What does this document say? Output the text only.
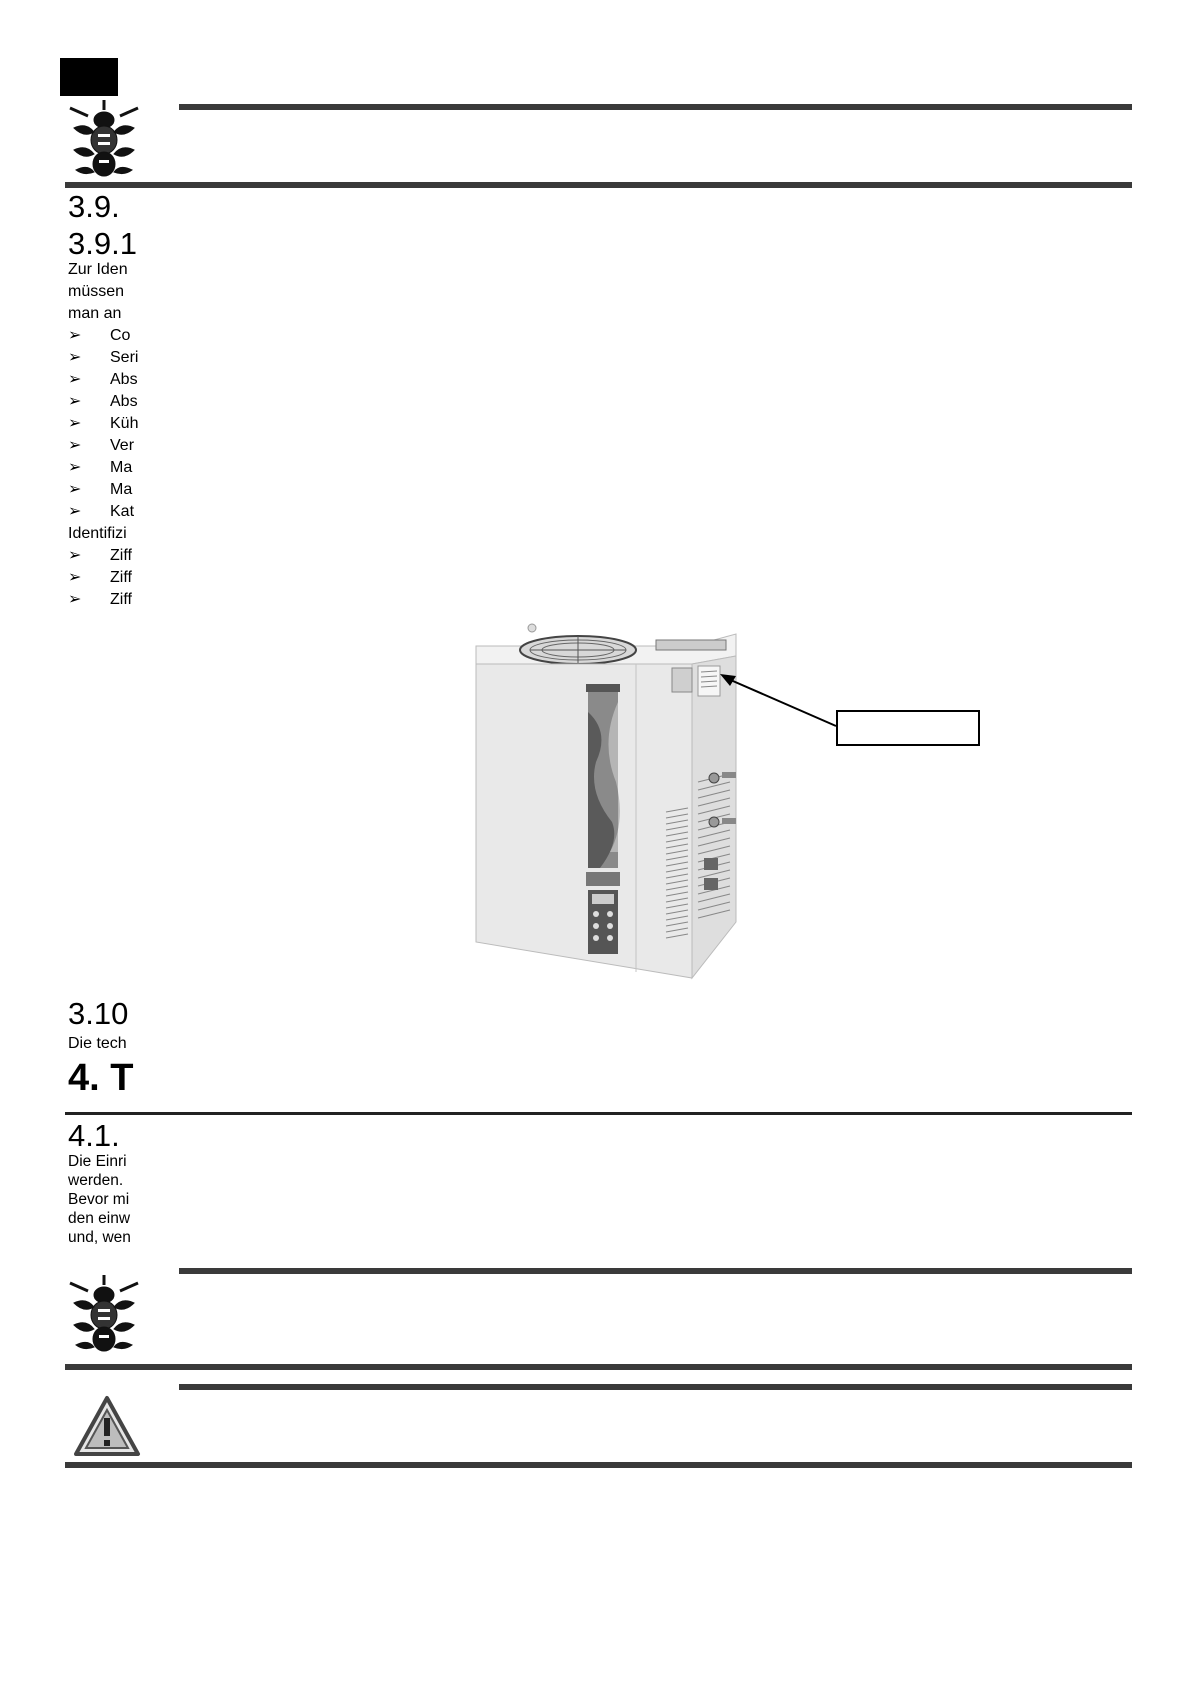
3.9.
3.9.1
Zur Iden
müssen
man an
➢ Co
➢ Seri
➢ Abs
➢ Abs
➢ Küh
➢ Ver
➢ Ma
➢ Ma
➢ Kat
Identifizi
➢ Ziff
➢ Ziff
➢ Ziff
3.10
Die tech
4. T
4.1.
Die Einri
werden.
Bevor mi
den einw
und, wen
